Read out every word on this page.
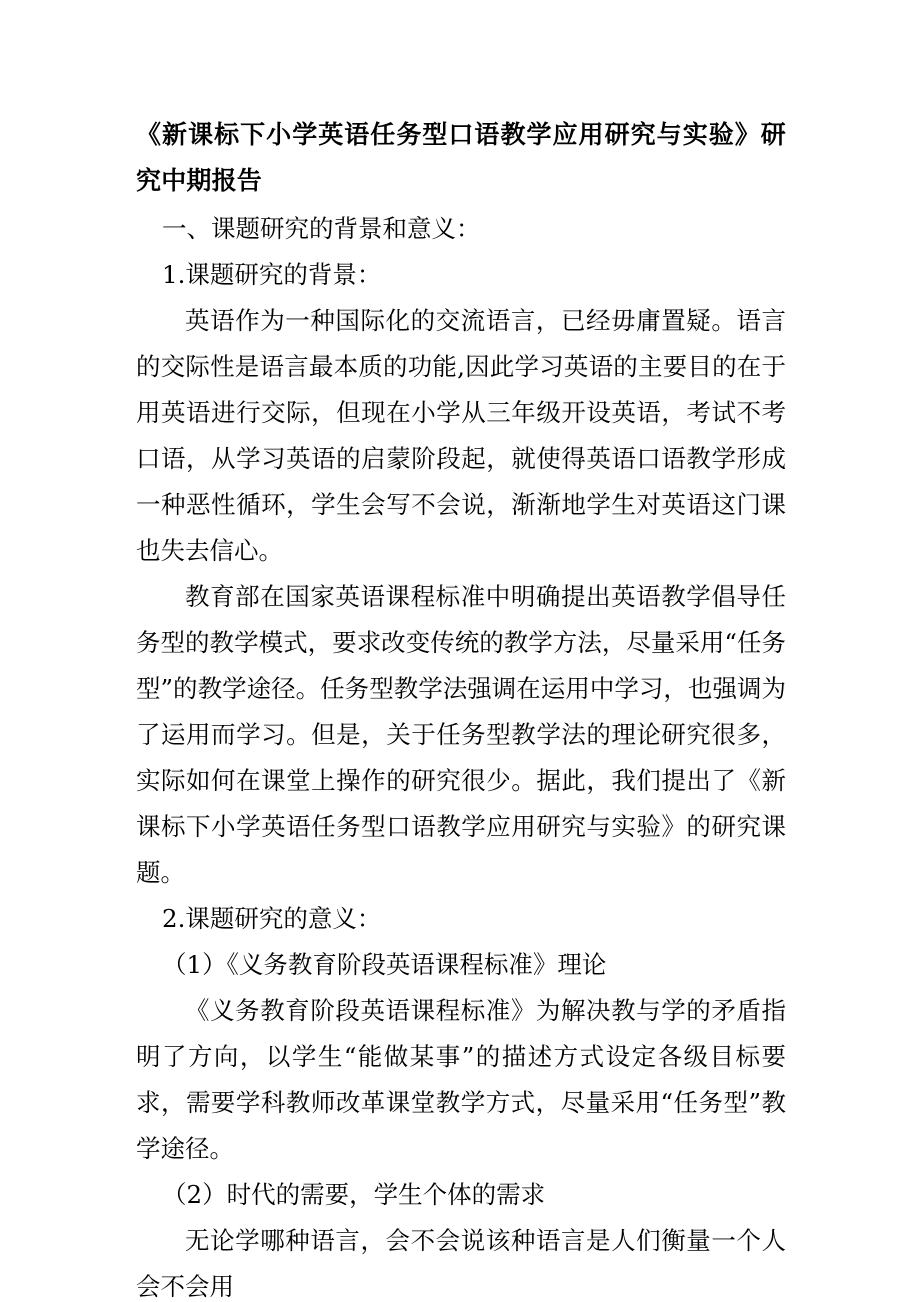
《新课标下小学英语任务型口语教学应用研究与实验》研究中期报告

一、课题研究的背景和意义：

1.课题研究的背景：

英语作为一种国际化的交流语言，已经毋庸置疑。语言的交际性是语言最本质的功能,因此学习英语的主要目的在于用英语进行交际，但现在小学从三年级开设英语，考试不考口语，从学习英语的启蒙阶段起，就使得英语口语教学形成一种恶性循环，学生会写不会说，渐渐地学生对英语这门课也失去信心。

教育部在国家英语课程标准中明确提出英语教学倡导任务型的教学模式，要求改变传统的教学方法，尽量采用“任务型”的教学途径。任务型教学法强调在运用中学习，也强调为了运用而学习。但是，关于任务型教学法的理论研究很多，实际如何在课堂上操作的研究很少。据此，我们提出了《新课标下小学英语任务型口语教学应用研究与实验》的研究课题。

2.课题研究的意义：

（1）《义务教育阶段英语课程标准》理论

《义务教育阶段英语课程标准》为解决教与学的矛盾指明了方向，以学生“能做某事”的描述方式设定各级目标要求，需要学科教师改革课堂教学方式，尽量采用“任务型”教学途径。

（2）时代的需要，学生个体的需求

无论学哪种语言，会不会说该种语言是人们衡量一个人会不会用
